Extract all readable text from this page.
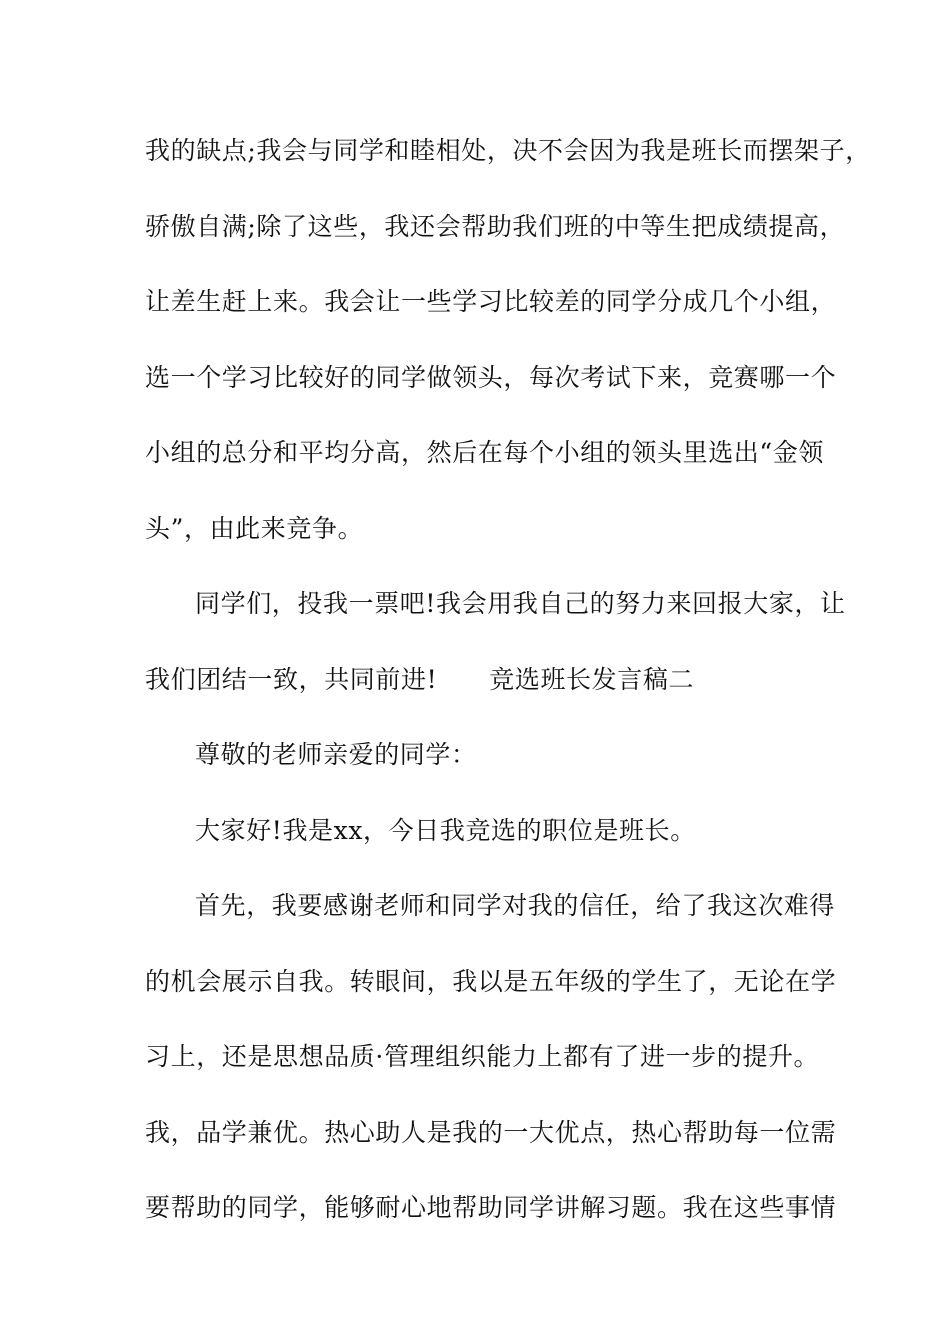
我的缺点;我会与同学和睦相处，决不会因为我是班长而摆架子，
骄傲自满;除了这些，我还会帮助我们班的中等生把成绩提高，
让差生赶上来。我会让一些学习比较差的同学分成几个小组，
选一个学习比较好的同学做领头，每次考试下来，竞赛哪一个
小组的总分和平均分高，然后在每个小组的领头里选出“金领
头”，由此来竞争。
同学们，投我一票吧!我会用我自己的努力来回报大家，让
我们团结一致，共同前进! 竞选班长发言稿二
尊敬的老师亲爱的同学：
大家好!我是xx，今日我竞选的职位是班长。
首先，我要感谢老师和同学对我的信任，给了我这次难得
的机会展示自我。转眼间，我以是五年级的学生了，无论在学
习上，还是思想品质·管理组织能力上都有了进一步的提升。
我，品学兼优。热心助人是我的一大优点，热心帮助每一位需
要帮助的同学，能够耐心地帮助同学讲解习题。我在这些事情
